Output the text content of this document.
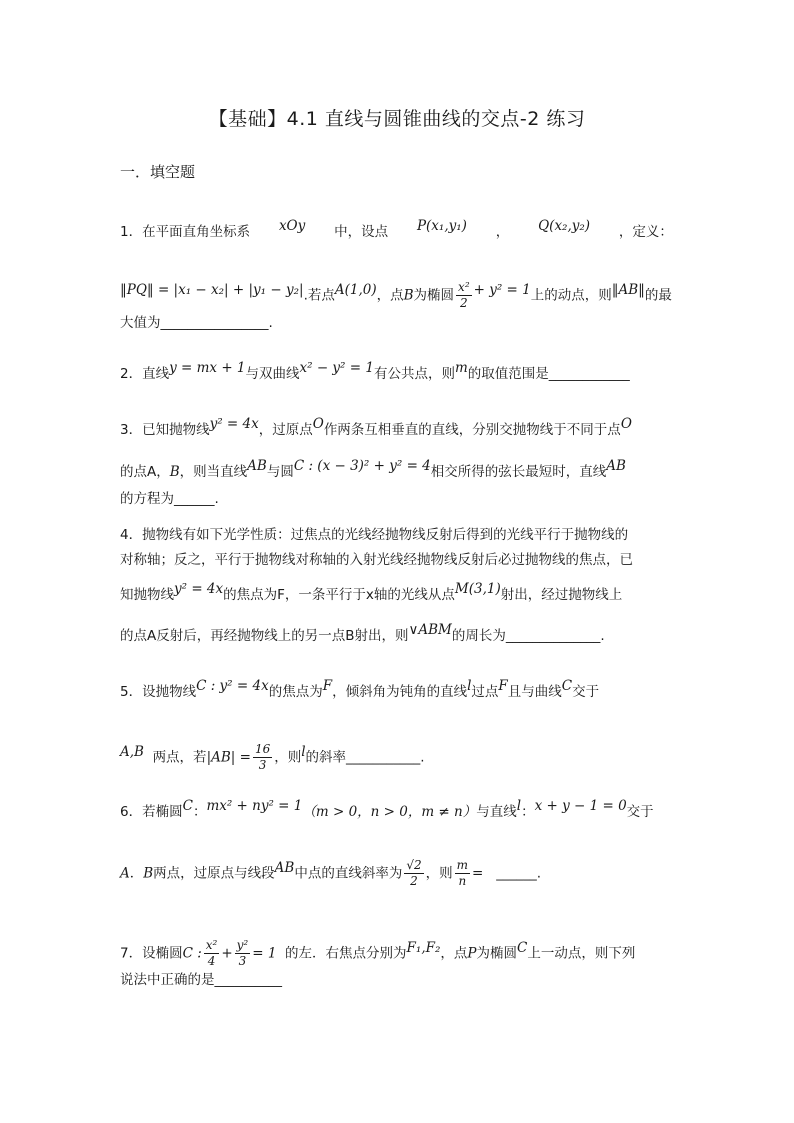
【基础】4.1 直线与圆锥曲线的交点-2 练习
一．填空题
1．在平面直角坐标系 xOy 中，设点 P(x₁,y₁) ， Q(x₂,y₂) ，定义：
‖PQ‖ = |x₁ − x₂| + |y₁ − y₂|.若点A(1,0)，点B为椭圆 $\frac{\text{x²}}{2} + y^2 = 1$上的动点，则‖AB‖的最
大值为________________.
2．直线y = mx + 1与双曲线x² − y² = 1有公共点，则m的取值范围是____________
3．已知抛物线y² = 4x，过原点O作两条互相垂直的直线，分别交抛物线于不同于点O
的点A，B，则当直线AB与圆C : (x − 3)² + y² = 4相交所得的弦长最短时，直线AB
的方程为______.
4．抛物线有如下光学性质：过焦点的光线经抛物线反射后得到的光线平行于抛物线的
对称轴；反之，平行于抛物线对称轴的入射光线经抛物线反射后必过抛物线的焦点，已
知抛物线y² = 4x的焦点为F，一条平行于x轴的光线从点M(3,1)射出，经过抛物线上
的点A反射后，再经抛物线上的另一点B射出，则∨ABM的周长为______________.
5．设抛物线C : y² = 4x的焦点为F，倾斜角为钝角的直线l过点F且与曲线C交于
A,B 两点，若$|AB| = \frac{16}{3}$ ，则l的斜率___________.
6．若椭圆C：mx² + ny² = 1（m > 0，n > 0，m ≠ n）与直线l：x + y − 1 = 0交于
A．B两点，过原点与线段AB中点的直线斜率为 $\frac{√2}{2}$ ，则 $\frac{m}{n}$ = ______.
7．设椭圆C : $\frac{\text{x²}}{4} + \frac{\text{y²}}{3} = 1$ 的左．右焦点分别为F₁,F₂，点P为椭圆C上一动点，则下列
说法中正确的是__________
